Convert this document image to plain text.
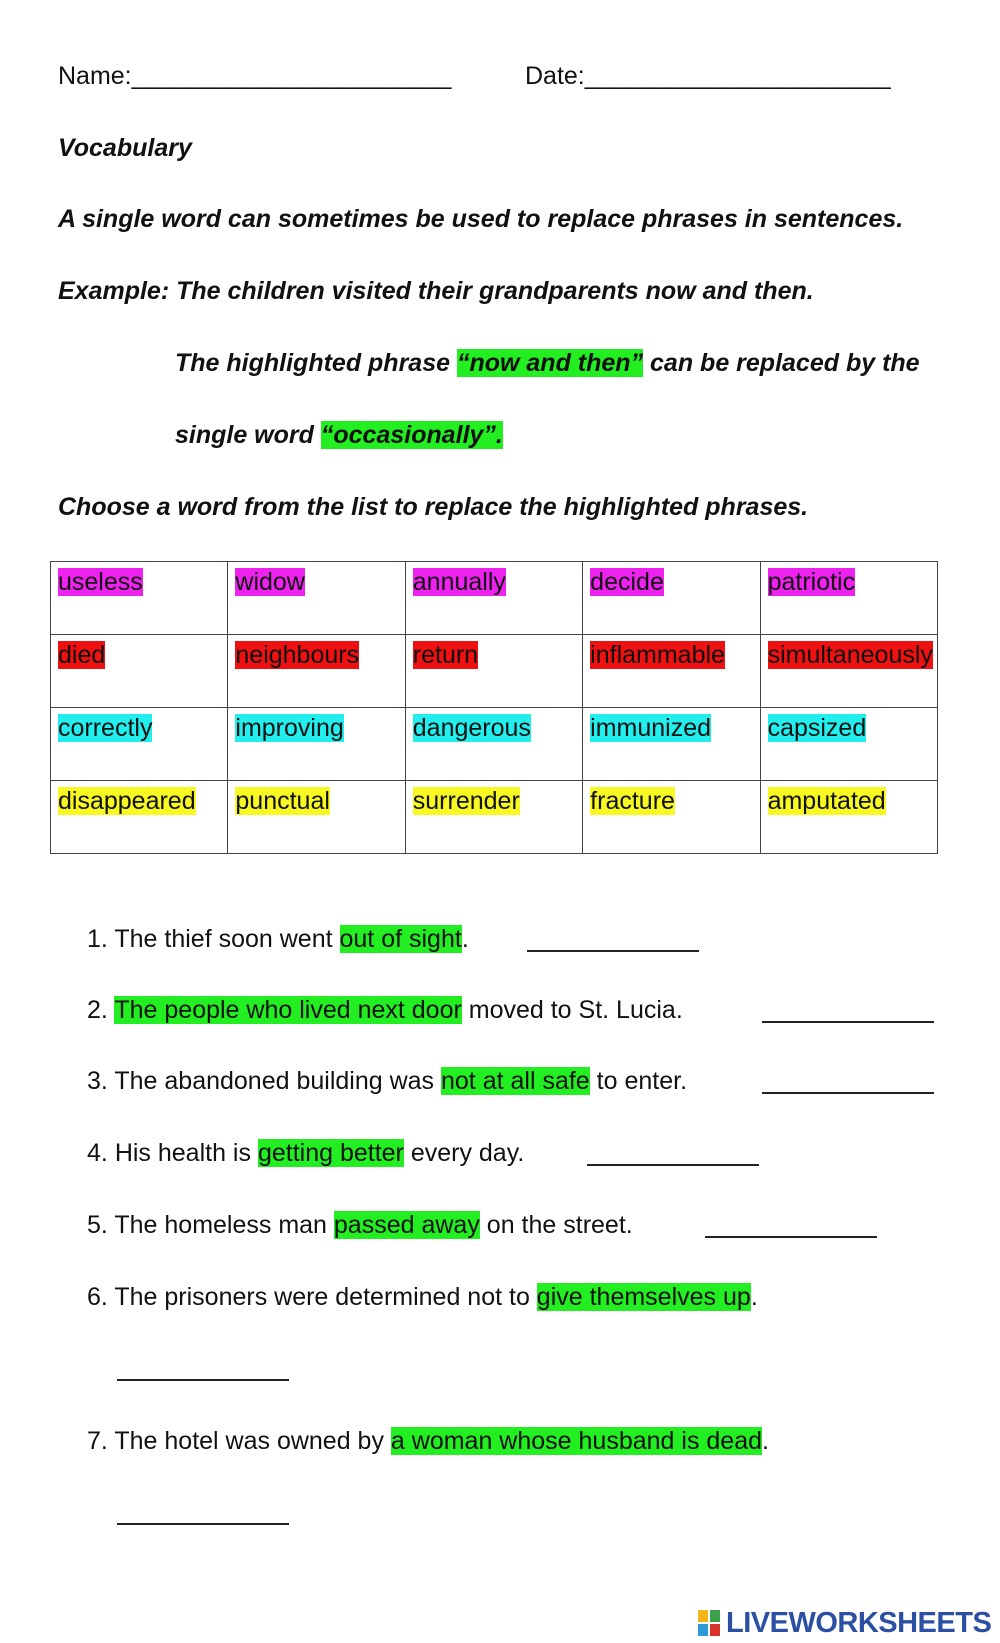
Name:_______________________	Date:______________________
Vocabulary
A single word can sometimes be used to replace phrases in sentences.
Example: The children visited their grandparents now and then.
The highlighted phrase “now and then” can be replaced by the
single word “occasionally”.
Choose a word from the list to replace the highlighted phrases.
useless	widow	annually	decide	patriotic
died	neighbours	return	inflammable	simultaneously
correctly	improving	dangerous	immunized	capsized
disappeared	punctual	surrender	fracture	amputated
1. The thief soon went out of sight.
2. The people who lived next door moved to St. Lucia.
3. The abandoned building was not at all safe to enter.
4. His health is getting better every day.
5. The homeless man passed away on the street.
6. The prisoners were determined not to give themselves up.
7. The hotel was owned by a woman whose husband is dead.
LIVEWORKSHEETS
